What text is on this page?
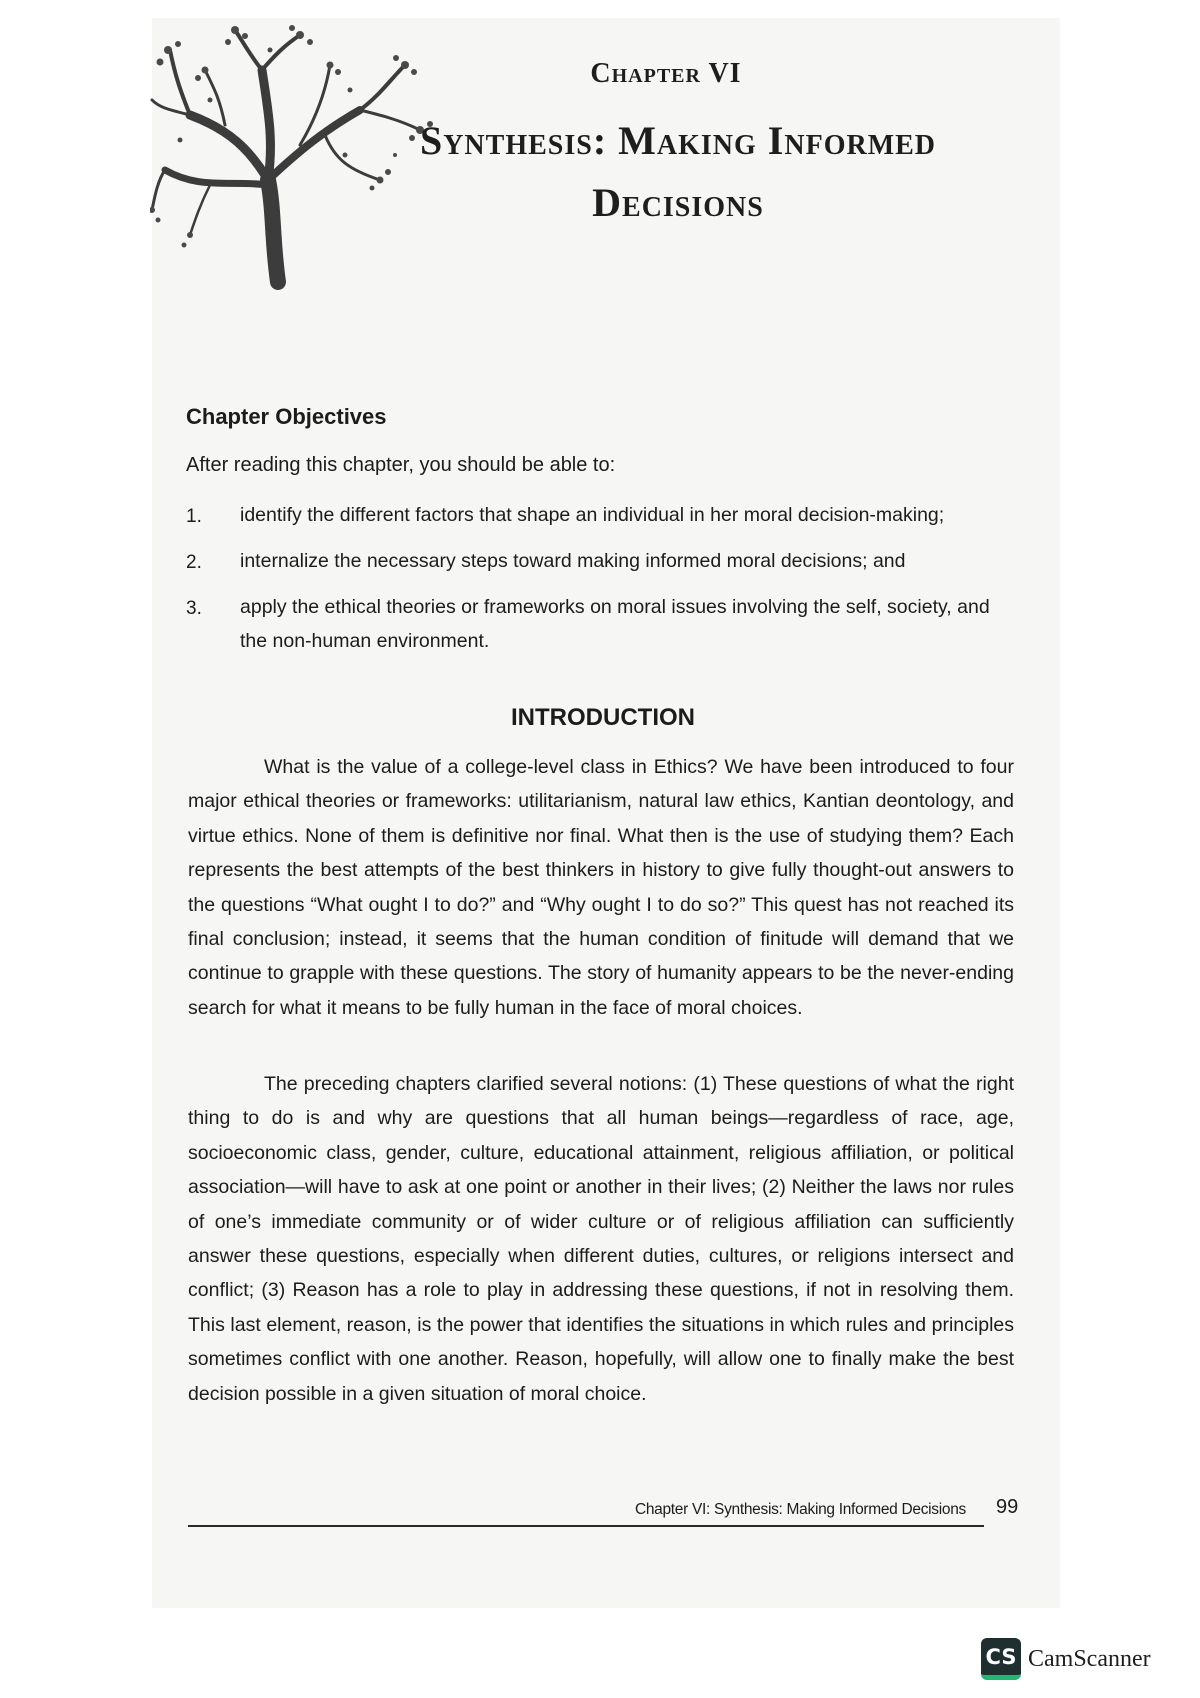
Chapter VI
Synthesis: Making Informed
Decisions
Chapter Objectives
After reading this chapter, you should be able to:
1. identify the different factors that shape an individual in her moral decision-making;
2. internalize the necessary steps toward making informed moral decisions; and
3. apply the ethical theories or frameworks on moral issues involving the self, society, and the non-human environment.
INTRODUCTION

What is the value of a college-level class in Ethics? We have been introduced to four major ethical theories or frameworks: utilitarianism, natural law ethics, Kantian deontology, and virtue ethics. None of them is definitive nor final. What then is the use of studying them? Each represents the best attempts of the best thinkers in history to give fully thought-out answers to the questions “What ought I to do?” and “Why ought I to do so?” This quest has not reached its final conclusion; instead, it seems that the human condition of finitude will demand that we continue to grapple with these questions. The story of humanity appears to be the never-ending search for what it means to be fully human in the face of moral choices.

The preceding chapters clarified several notions: (1) These questions of what the right thing to do is and why are questions that all human beings—regardless of race, age, socioeconomic class, gender, culture, educational attainment, religious affiliation, or political association—will have to ask at one point or another in their lives; (2) Neither the laws nor rules of one’s immediate community or of wider culture or of religious affiliation can sufficiently answer these questions, especially when different duties, cultures, or religions intersect and conflict; (3) Reason has a role to play in addressing these questions, if not in resolving them. This last element, reason, is the power that identifies the situations in which rules and principles sometimes conflict with one another. Reason, hopefully, will allow one to finally make the best decision possible in a given situation of moral choice.

Chapter VI: Synthesis: Making Informed Decisions 99
CS CamScanner
